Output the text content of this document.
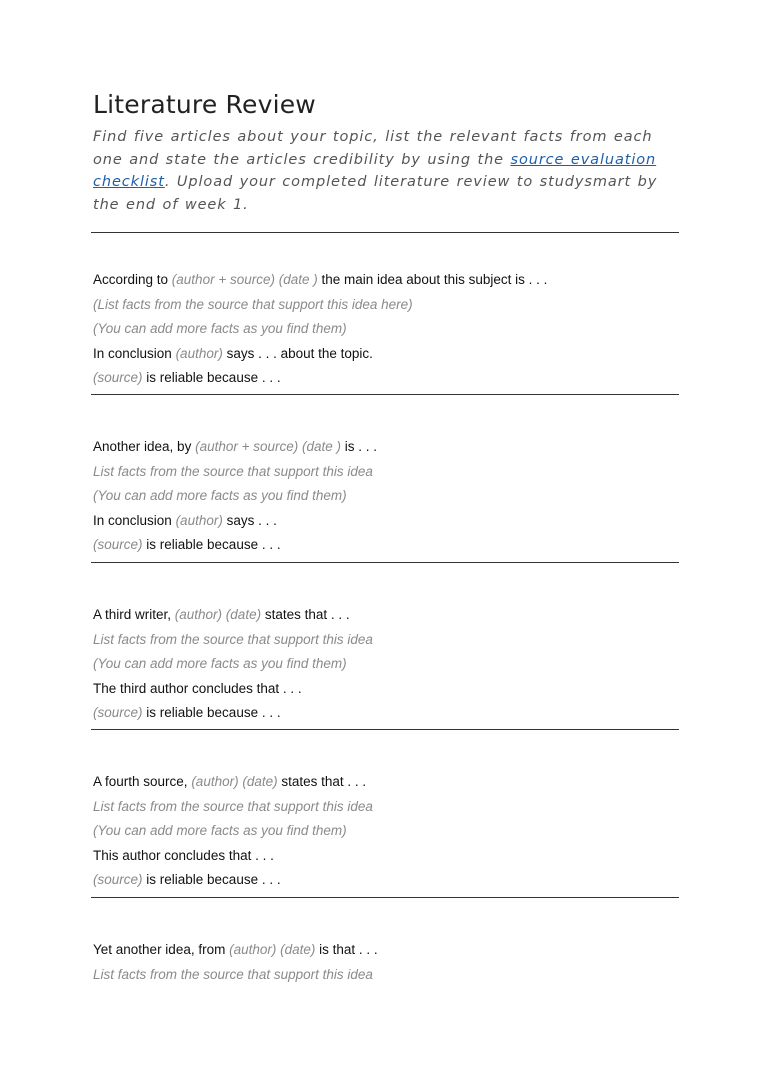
Literature Review

Find five articles about your topic, list the relevant facts from each one and state the articles credibility by using the source evaluation checklist. Upload your completed literature review to studysmart by the end of week 1.

According to (author + source) (date ) the main idea about this subject is . . .
(List facts from the source that support this idea here)
(You can add more facts as you find them)
In conclusion (author) says . . . about the topic.
(source) is reliable because . . .
Another idea, by (author + source) (date ) is . . .
List facts from the source that support this idea
(You can add more facts as you find them)
In conclusion (author) says . . .
(source) is reliable because . . .
A third writer, (author) (date) states that . . .
List facts from the source that support this idea
(You can add more facts as you find them)
The third author concludes that . . .
(source) is reliable because . . .
A fourth source, (author) (date) states that . . .
List facts from the source that support this idea
(You can add more facts as you find them)
This author concludes that . . .
(source) is reliable because . . .
Yet another idea, from (author) (date) is that . . .
List facts from the source that support this idea
